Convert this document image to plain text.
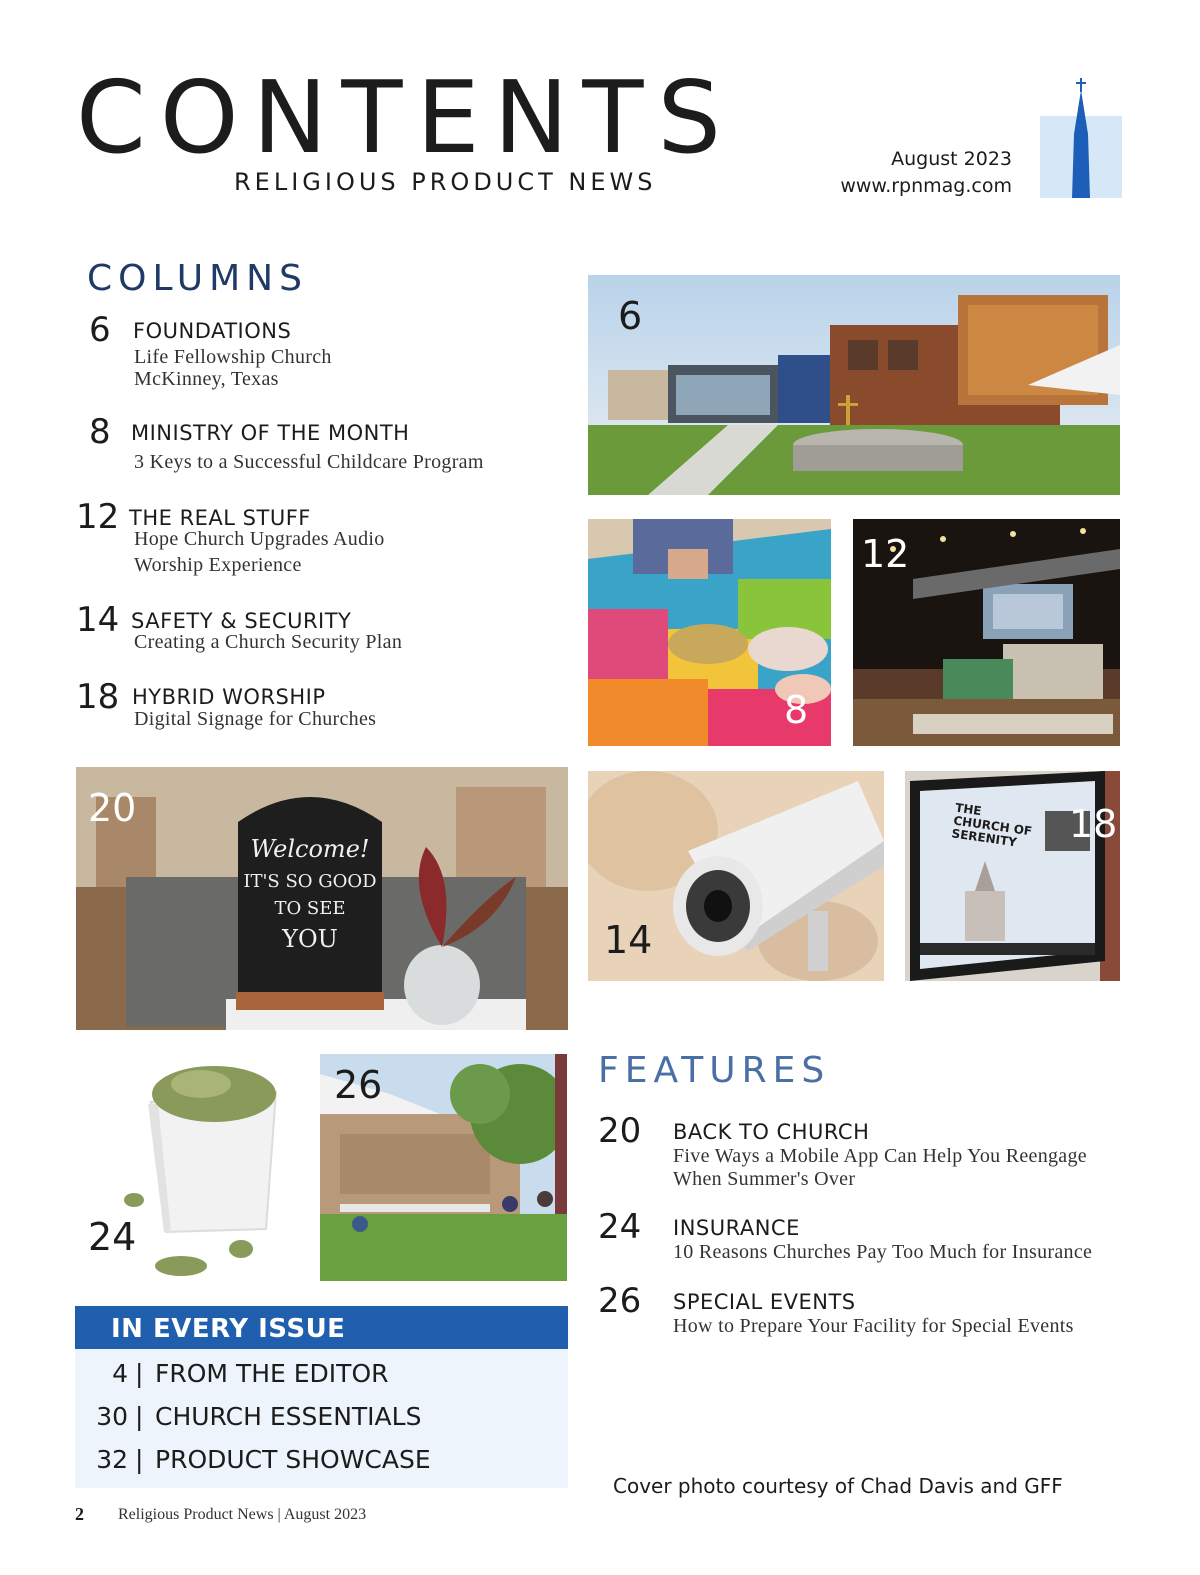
CONTENTS
RELIGIOUS PRODUCT NEWS
August 2023
www.rpnmag.com
COLUMNS
6 FOUNDATIONS
Life Fellowship Church
McKinney, Texas
8 MINISTRY OF THE MONTH
3 Keys to a Successful Childcare Program
12 THE REAL STUFF
Hope Church Upgrades Audio
Worship Experience
14 SAFETY & SECURITY
Creating a Church Security Plan
18 HYBRID WORSHIP
Digital Signage for Churches
6
8
12
20
Welcome!
IT'S SO GOOD
TO SEE
YOU	14
THE CHURCH OF SERENITY	18
24
26	FEATURES
20 BACK TO CHURCH
Five Ways a Mobile App Can Help You Reengage
When Summer's Over
24 INSURANCE
10 Reasons Churches Pay Too Much for Insurance
26 SPECIAL EVENTS
How to Prepare Your Facility for Special Events
IN EVERY ISSUE
4 | FROM THE EDITOR
30 | CHURCH ESSENTIALS
32 | PRODUCT SHOWCASE
Cover photo courtesy of Chad Davis and GFF
2 Religious Product News | August 2023
